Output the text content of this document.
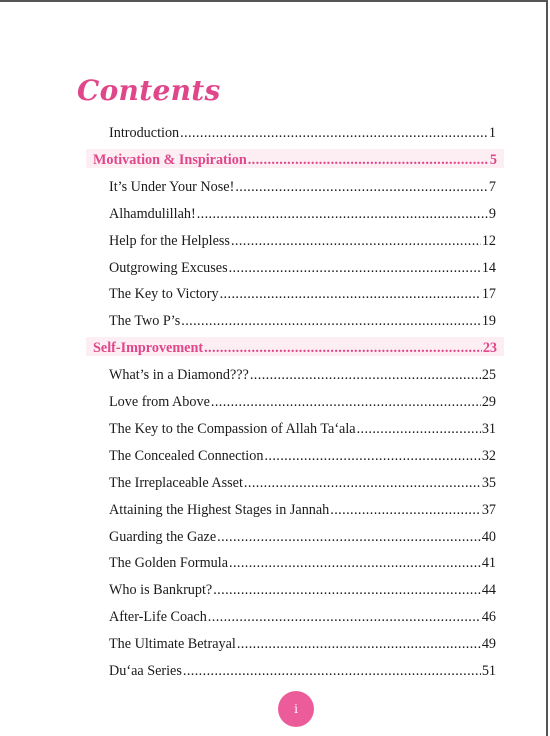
Contents
Introduction .....	1
Motivation & Inspiration .....	5
It’s Under Your Nose! .....	7
Alhamdulillah! .....	9
Help for the Helpless .....	12
Outgrowing Excuses .....	14
The Key to Victory .....	17
The Two P’s .....	19
Self-Improvement .....	23
What’s in a Diamond??? .....	25
Love from Above .....	29
The Key to the Compassion of Allah Ta‘ala .....	31
The Concealed Connection .....	32
The Irreplaceable Asset .....	35
Attaining the Highest Stages in Jannah .....	37
Guarding the Gaze .....	40
The Golden Formula .....	41
Who is Bankrupt? .....	44
After-Life Coach .....	46
The Ultimate Betrayal .....	49
Du‘aa Series .....	51
i
